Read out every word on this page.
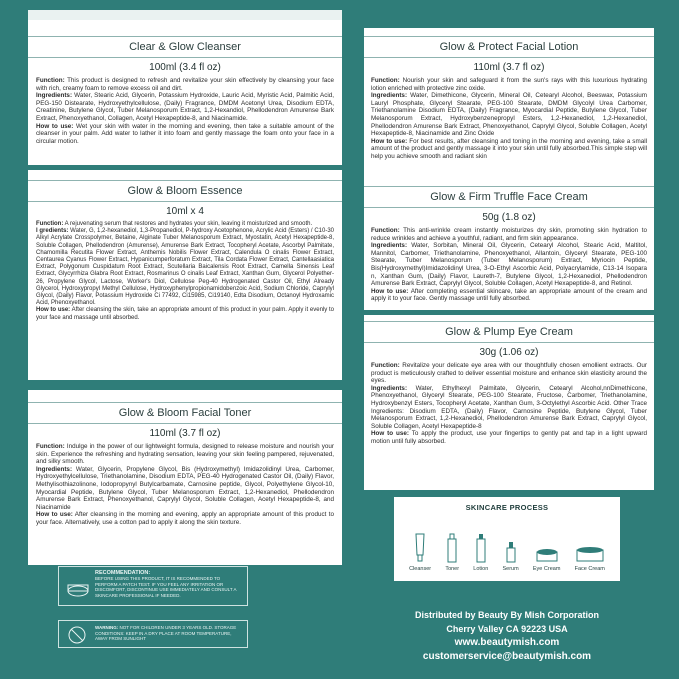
Clear & Glow Cleanser
100ml (3.4 fl oz)

Function: This product is designed to refresh and revitalize your skin effectively by cleansing your face with rich, creamy foam to remove excess oil and dirt.
Ingredients: Water, Stearic Acid, Glycerin, Potassium Hydroxide, Lauric Acid, Myristic Acid, Palmitic Acid, PEG-150 Distearate, Hydroxyethylcellulose, (Daily) Fragrance, DMDM Acetonyl Urea, Disodium EDTA, Creatinine, Butylene Glycol, Tuber Melanosporum Extract, 1,2-Hexandiol, Phellodendron Amurense Bark Extract, Phenoxyethanol, Collagen, Acetyl Hexapeptide-8, and Niacinamide.
How to use: Wet your skin with water in the morning and evening, then take a suitable amount of the cleanser in your palm. Add water to lather it into foam and gently massage the foam onto your face in a circular motion.

Glow & Bloom Essence
10ml x 4

Function: A rejuvenating serum that restores and hydrates your skin, leaving it moisturized and smooth.
I gredients: Water, G, 1,2-hexanediol, 1,3-Propanediol, P-hydroxy Acetophenone, Acrylic Acid (Esters) / C10-30 Alkyl Acrylate Crosspolymer, Betaine, Alginate Tuber Melanosporum Extract, Myostatin, Acetyl Hexapeptide-8, Soluble Collagen, Phellodendron (Amurense), Amurense Bark Extract, Tocopheryl Acetate, Ascorbyl Palmitate, Chamomilla Recutita Flower Extract, Anthemis Nobilis Flower Extract, Calendula O cinalis Flower Extract, Centaurea Cyanus Flower Extract, Hypanicumperforatum Extract, Tila Cordata Flower Extract, Cantellaasiatica Extract, Polygonum Cuspidatum Root Extract, Scutellaria Baicalensis Root Extract, Camella Sinensis Leaf Extract, Glycyrrhiza Glabra Root Extract, Rosmarinus O cinalis Leaf Extract, Xanthan Gum, Glycerol Polyether-26, Propylene Glycol, Lactose, Worker's Diol, Cellulose Peg-40 Hydrogenated Castor Oil, Ethyl Already Glycerol, Hydroxypropyl Methyl Cellulose, Hydroxyphenylpropionamidobenzoic Acid, Sodium Chloride, Caprylyl Glycol, (Daily) Flavor, Potassium Hydroxide Ci 77492, Ci15985, Ci19140, Edta Disodium, Octanoyl Hydroxamic Acid, Phenoxyethanol.
How to use: After cleansing the skin, take an appropriate amount of this product in your palm. Apply it evenly to your face and massage until absorbed.

Glow & Bloom Facial Toner
110ml (3.7 fl oz)

Function: Indulge in the power of our lightweight formula, designed to release moisture and nourish your skin. Experience the refreshing and hydrating sensation, leaving your skin feeling pampered, rejuvenated, and silky smooth.
Ingredients: Water, Glycerin, Propylene Glycol, Bis (Hydroxymethyl) Imidazolidinyl Urea, Carbomer, Hydroxyethylcellulose, Triethanolamine, Disodium EDTA, PEG-40 Hydrogenated Castor Oil, (Daily) Flavor, Methylisothiazolinone, Iodopropynyl Butylcarbamate, Carnosine peptide, Glycol, Polyethylene Glycol-10, Myocardial Peptide, Butylene Glycol, Tuber Melanosporum Extract, 1,2-Hexanediol, Phellodendron Amurense Bark Extract, Phenoxyethanol, Caprylyl Glycol, Soluble Collagen, Acetyl Hexapeptide-8, and Niacinamide
How to use: After cleansing in the morning and evening, apply an appropriate amount of this product to your face. Alternatively, use a cotton pad to apply it along the skin texture.

RECOMMENDATION:
BEFORE USING THIS PRODUCT, IT IS RECOMMENDED TO PERFORM A PATCH TEST. IF YOU FEEL ANY IRRITATION OR DISCOMFORT, DISCONTINUE USE IMMEDIATELY AND CONSULT A SKINCARE PROFESSIONAL IF NEEDED.
WARNING: NOT FOR CHILDREN UNDER 3 YEARS OLD. STORAGE CONDITIONS: KEEP IN A DRY PLACE AT ROOM TEMPERATURE, AWAY FROM SUNLIGHT
Glow & Protect Facial Lotion
110ml (3.7 fl oz)

Function: Nourish your skin and safeguard it from the sun's rays with this luxurious hydrating lotion enriched with protective zinc oxide.
Ingredients: Water, Dimethicone, Glycerin, Mineral Oil, Cetearyl Alcohol, Beeswax, Potassium Lauryl Phosphate, Glyceryl Stearate, PEG-100 Stearate, DMDM Glycolyl Urea Carbomer, Triethanolamine Disodium EDTA, (Daily) Fragrance, Myocardial Peptide, Butylene Glycol, Tuber Melanosporum Extract, Hydroxybenzenepropyl Esters, 1,2-Hexanediol, 1,2-Hexanediol, Phellodendron Amurense Bark Extract, Phenoxyethanol, Caprylyl Glycol, Soluble Collagen, Acetyl Hexapeptide-8, Niacinamide and Zinc Oxide
How to use: For best results, after cleansing and toning in the morning and evening, take a small amount of the product and gently massage it into your skin until fully absorbed.This simple step will help you achieve smooth and radiant skin

Glow & Firm Truffle Face Cream
50g (1.8 oz)

Function: This anti-wrinkle cream instantly moisturizes dry skin, promoting skin hydration to reduce wrinkles and achieve a youthful, radiant, and firm skin appearance.
Ingredients: Water, Sorbitan, Mineral Oil, Glycerin, Cetearyl Alcohol, Stearic Acid, Maltitol, Mannitol, Carbomer, Triethanolamine, Phenoxyethanol, Allantoin, Glyceryl Stearate, PEG-100 Stearate, Tuber Melanosporum (Tuber Melanosporum) Extract, Myriocin Peptide, Bis(Hydroxymethyl)Imidazolidinyl Urea, 3-O-Ethyl Ascorbic Acid, Polyacrylamide, C13-14 Isopara n, Xanthan Gum, (Daily) Flavor, Laureth-7, Butylene Glycol, 1,2-Hexanediol, Phellodendron Amurense Bark Extract, Caprylyl Glycol, Soluble Collagen, Acetyl Hexapeptide-8, and Retinol.
How to use: After completing essential skincare, take an appropriate amount of the cream and apply it to your face. Gently massage until fully absorbed.

Glow & Plump Eye Cream
30g (1.06 oz)

Function: Revitalize your delicate eye area with our thoughtfully chosen emollient extracts. Our product is meticulously crafted to deliver essential moisture and enhance skin elasticity around the eyes.
Ingredients: Water, Ethylhexyl Palmitate, Glycerin, Cetearyl Alcohol,nnDimethicone, Phenoxyethanol, Glyceryl Stearate, PEG-100 Stearate, Fructose, Carbomer, Triethanolamine, Hydroxybenzyl Esters, Tocopheryl Acetate, Xanthan Gum, 3-Octylethyl Ascorbic Acid. Other Trace Ingredients: Disodium EDTA, (Daily) Flavor, Carnosine Peptide, Butylene Glycol, Tuber Melanosporum Extract, 1,2-Hexanediol, Phellodendron Amurense Bark Extract, Caprylyl Glycol, Soluble Collagen, Acetyl Hexapeptide-8
How to use: To apply the product, use your fingertips to gently pat and tap in a light upward motion until fully absorbed.

SKINCARE PROCESS
Cleanser	Toner	Lotion	Serum	Eye Cream	Face Cream
Distributed by Beauty By Mish Corporation
Cherry Valley CA 92223 USA
www.beautymish.com
customerservice@beautymish.com
